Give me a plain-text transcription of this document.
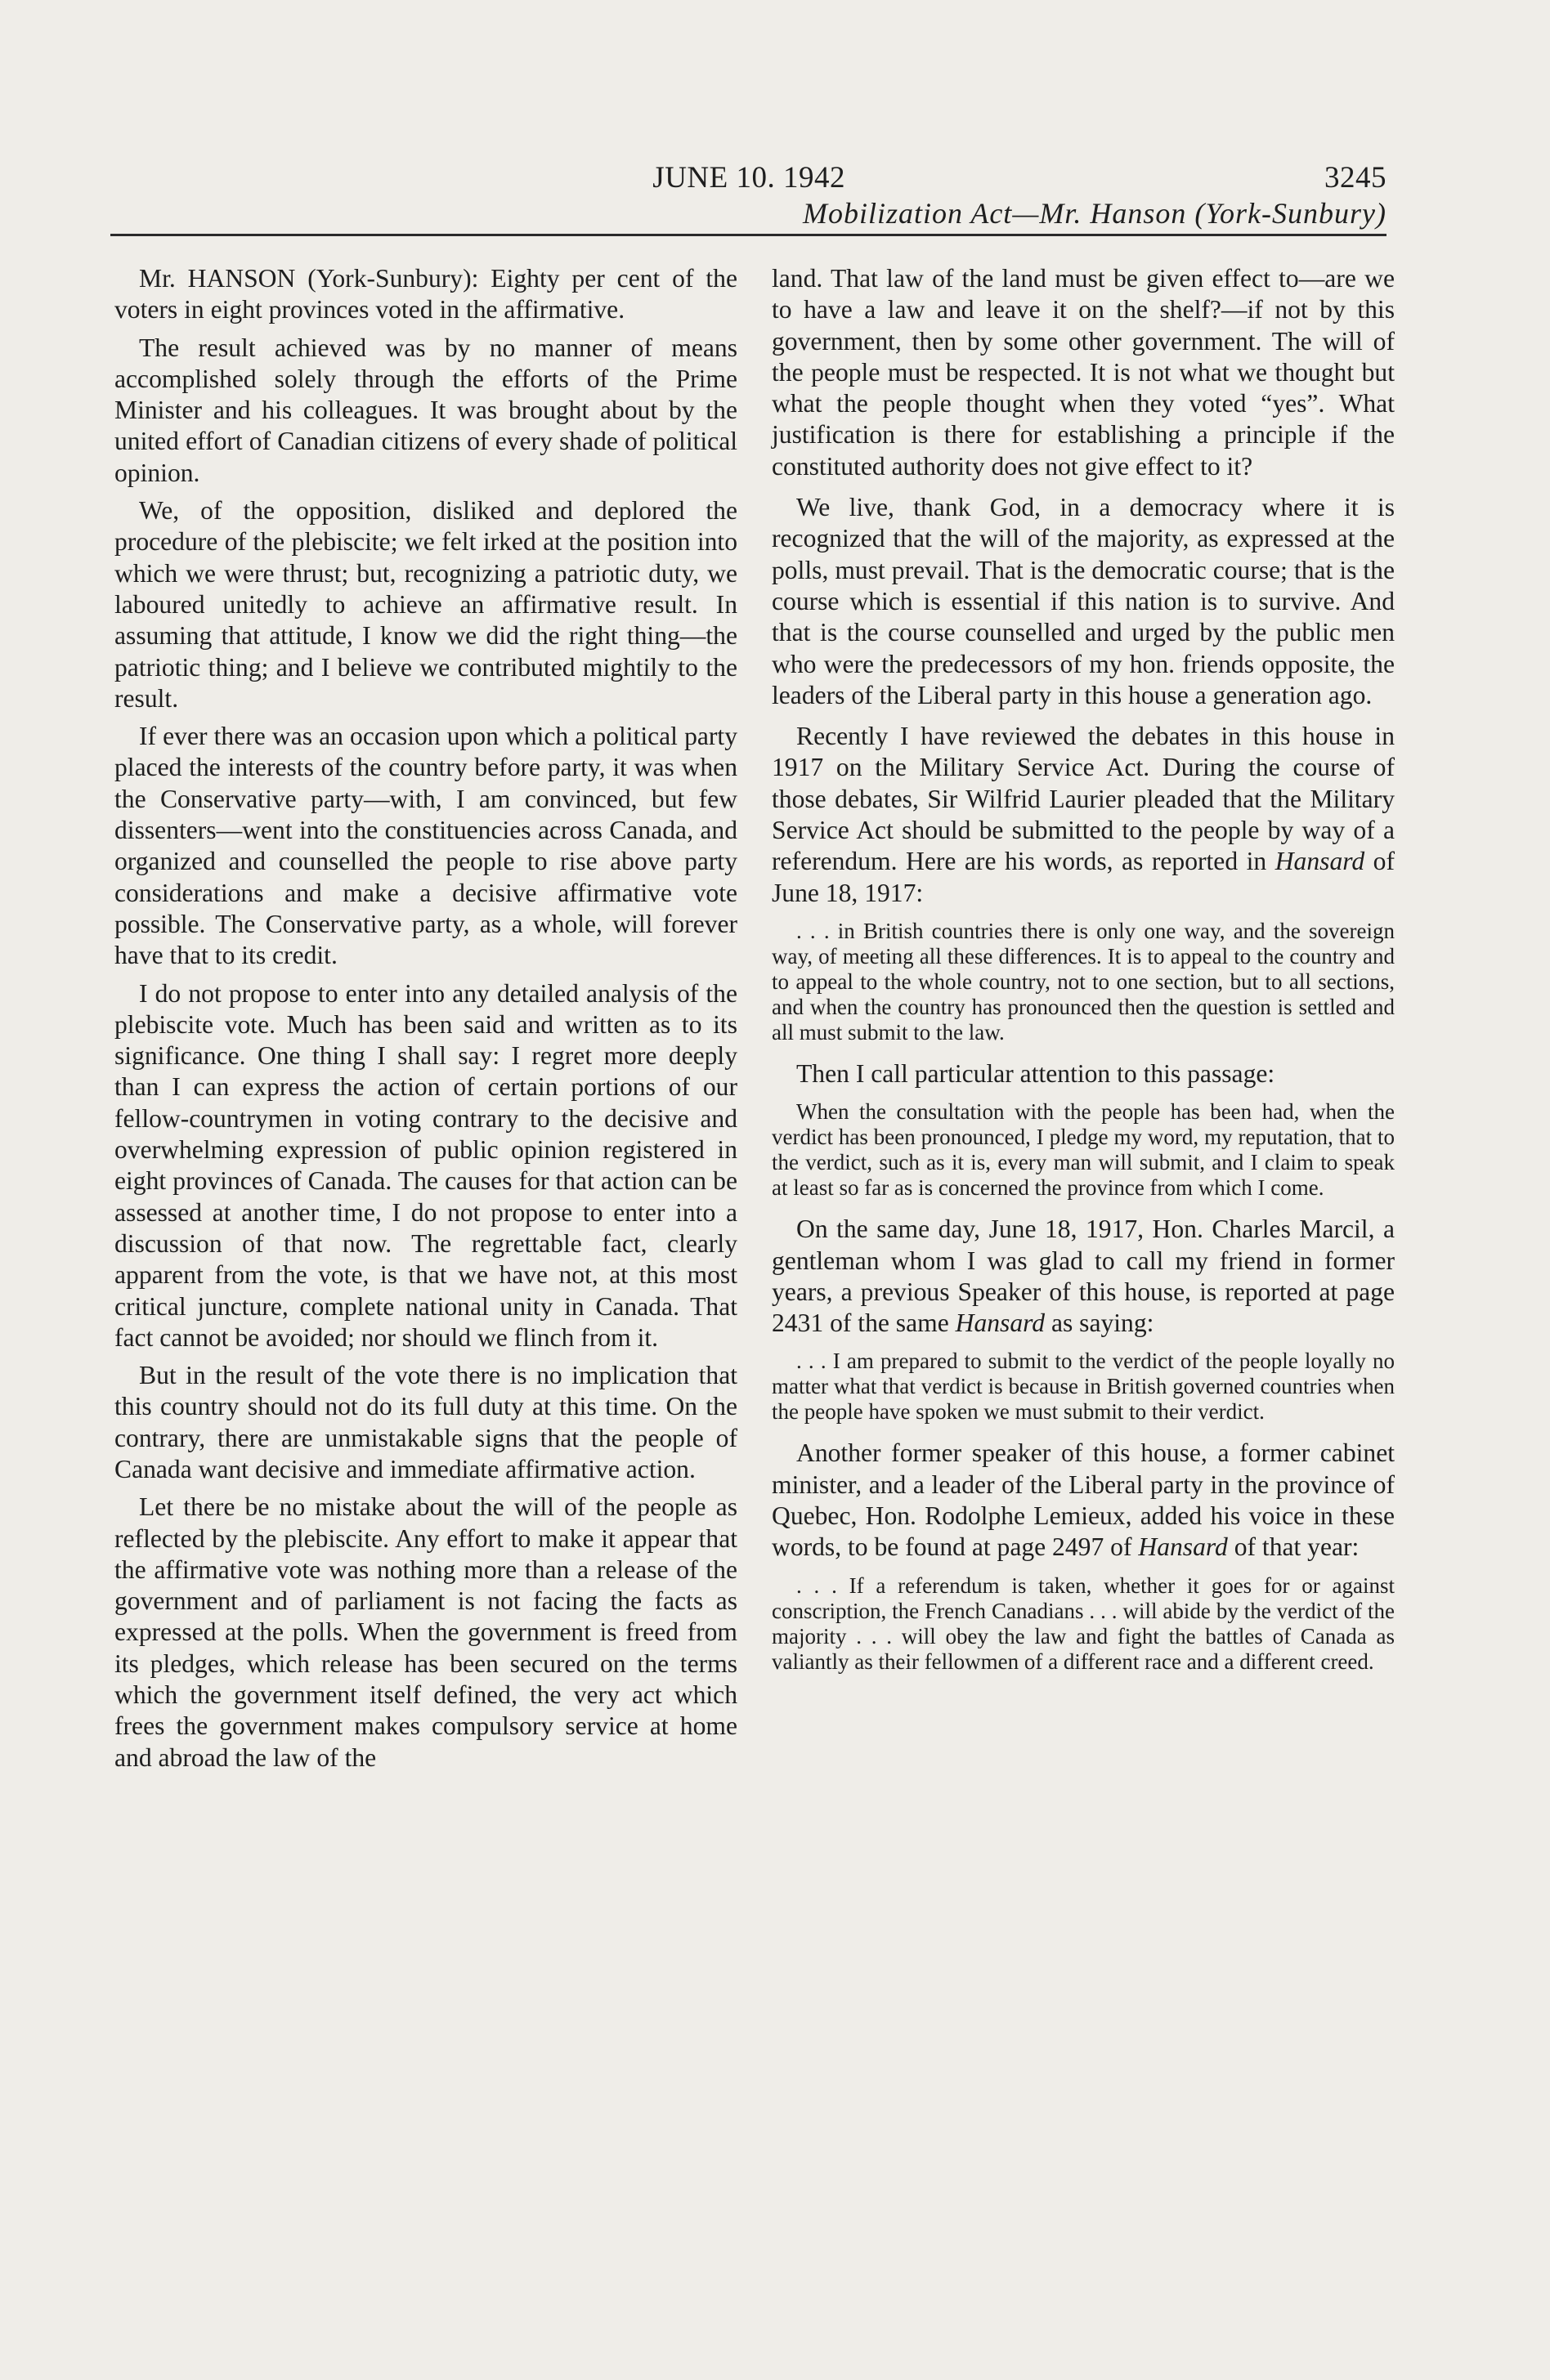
JUNE 10. 1942	3245
Mobilization Act—Mr. Hanson (York-Sunbury)

Mr. HANSON (York-Sunbury): Eighty per cent of the voters in eight provinces voted in the affirmative.

The result achieved was by no manner of means accomplished solely through the efforts of the Prime Minister and his colleagues. It was brought about by the united effort of Canadian citizens of every shade of political opinion.

We, of the opposition, disliked and deplored the procedure of the plebiscite; we felt irked at the position into which we were thrust; but, recognizing a patriotic duty, we laboured unitedly to achieve an affirmative result. In assuming that attitude, I know we did the right thing—the patriotic thing; and I believe we contributed mightily to the result.

If ever there was an occasion upon which a political party placed the interests of the country before party, it was when the Conservative party—with, I am convinced, but few dissenters—went into the constituencies across Canada, and organized and counselled the people to rise above party considerations and make a decisive affirmative vote possible. The Conservative party, as a whole, will forever have that to its credit.

I do not propose to enter into any detailed analysis of the plebiscite vote. Much has been said and written as to its significance. One thing I shall say: I regret more deeply than I can express the action of certain portions of our fellow-countrymen in voting contrary to the decisive and overwhelming expression of public opinion registered in eight provinces of Canada. The causes for that action can be assessed at another time, I do not propose to enter into a discussion of that now. The regrettable fact, clearly apparent from the vote, is that we have not, at this most critical juncture, complete national unity in Canada. That fact cannot be avoided; nor should we flinch from it.

But in the result of the vote there is no implication that this country should not do its full duty at this time. On the contrary, there are unmistakable signs that the people of Canada want decisive and immediate affirmative action.

Let there be no mistake about the will of the people as reflected by the plebiscite. Any effort to make it appear that the affirmative vote was nothing more than a release of the government and of parliament is not facing the facts as expressed at the polls. When the government is freed from its pledges, which release has been secured on the terms which the government itself defined, the very act which frees the government makes compulsory service at home and abroad the law of the

land. That law of the land must be given effect to—are we to have a law and leave it on the shelf?—if not by this government, then by some other government. The will of the people must be respected. It is not what we thought but what the people thought when they voted “yes”. What justification is there for establishing a principle if the constituted authority does not give effect to it?

We live, thank God, in a democracy where it is recognized that the will of the majority, as expressed at the polls, must prevail. That is the democratic course; that is the course which is essential if this nation is to survive. And that is the course counselled and urged by the public men who were the predecessors of my hon. friends opposite, the leaders of the Liberal party in this house a generation ago.

Recently I have reviewed the debates in this house in 1917 on the Military Service Act. During the course of those debates, Sir Wilfrid Laurier pleaded that the Military Service Act should be submitted to the people by way of a referendum. Here are his words, as reported in Hansard of June 18, 1917:

. . . in British countries there is only one way, and the sovereign way, of meeting all these differences. It is to appeal to the country and to appeal to the whole country, not to one section, but to all sections, and when the country has pronounced then the question is settled and all must submit to the law.

Then I call particular attention to this passage:

When the consultation with the people has been had, when the verdict has been pronounced, I pledge my word, my reputation, that to the verdict, such as it is, every man will submit, and I claim to speak at least so far as is concerned the province from which I come.

On the same day, June 18, 1917, Hon. Charles Marcil, a gentleman whom I was glad to call my friend in former years, a previous Speaker of this house, is reported at page 2431 of the same Hansard as saying:

. . . I am prepared to submit to the verdict of the people loyally no matter what that verdict is because in British governed countries when the people have spoken we must submit to their verdict.

Another former speaker of this house, a former cabinet minister, and a leader of the Liberal party in the province of Quebec, Hon. Rodolphe Lemieux, added his voice in these words, to be found at page 2497 of Hansard of that year:

. . . If a referendum is taken, whether it goes for or against conscription, the French Canadians . . . will abide by the verdict of the majority . . . will obey the law and fight the battles of Canada as valiantly as their fellowmen of a different race and a different creed.
